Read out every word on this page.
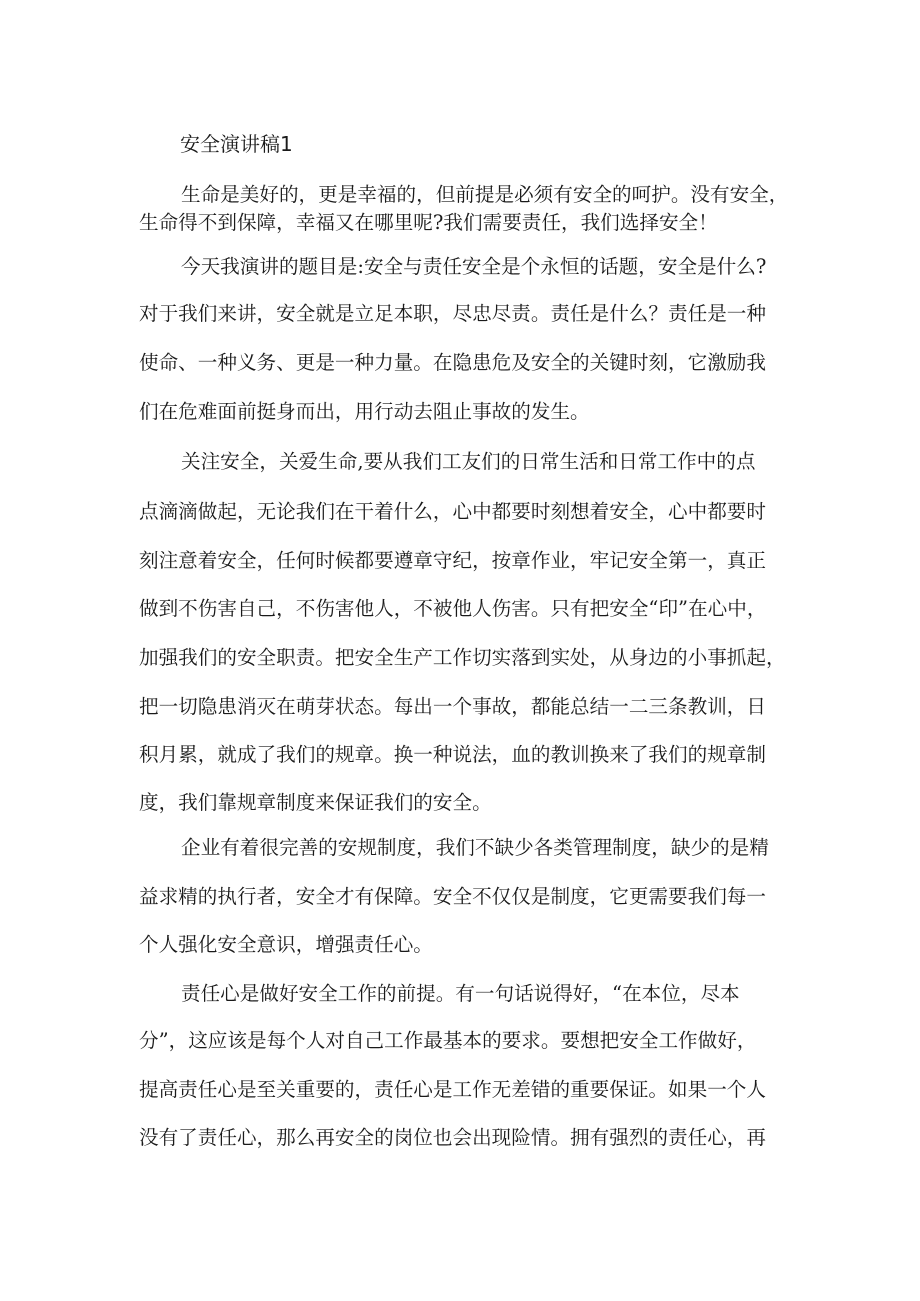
安全演讲稿1
生命是美好的，更是幸福的，但前提是必须有安全的呵护。没有安全，
生命得不到保障，幸福又在哪里呢?我们需要责任，我们选择安全！
今天我演讲的题目是:安全与责任安全是个永恒的话题，安全是什么?
对于我们来讲，安全就是立足本职，尽忠尽责。责任是什么？责任是一种
使命、一种义务、更是一种力量。在隐患危及安全的关键时刻，它激励我
们在危难面前挺身而出，用行动去阻止事故的发生。
关注安全，关爱生命,要从我们工友们的日常生活和日常工作中的点
点滴滴做起，无论我们在干着什么，心中都要时刻想着安全，心中都要时
刻注意着安全，任何时候都要遵章守纪，按章作业，牢记安全第一，真正
做到不伤害自己，不伤害他人，不被他人伤害。只有把安全“印”在心中，
加强我们的安全职责。把安全生产工作切实落到实处，从身边的小事抓起，
把一切隐患消灭在萌芽状态。每出一个事故，都能总结一二三条教训，日
积月累，就成了我们的规章。换一种说法，血的教训换来了我们的规章制
度，我们靠规章制度来保证我们的安全。
企业有着很完善的安规制度，我们不缺少各类管理制度，缺少的是精
益求精的执行者，安全才有保障。安全不仅仅是制度，它更需要我们每一
个人强化安全意识，增强责任心。
责任心是做好安全工作的前提。有一句话说得好，“在本位，尽本
分”，这应该是每个人对自己工作最基本的要求。要想把安全工作做好，
提高责任心是至关重要的，责任心是工作无差错的重要保证。如果一个人
没有了责任心，那么再安全的岗位也会出现险情。拥有强烈的责任心，再
